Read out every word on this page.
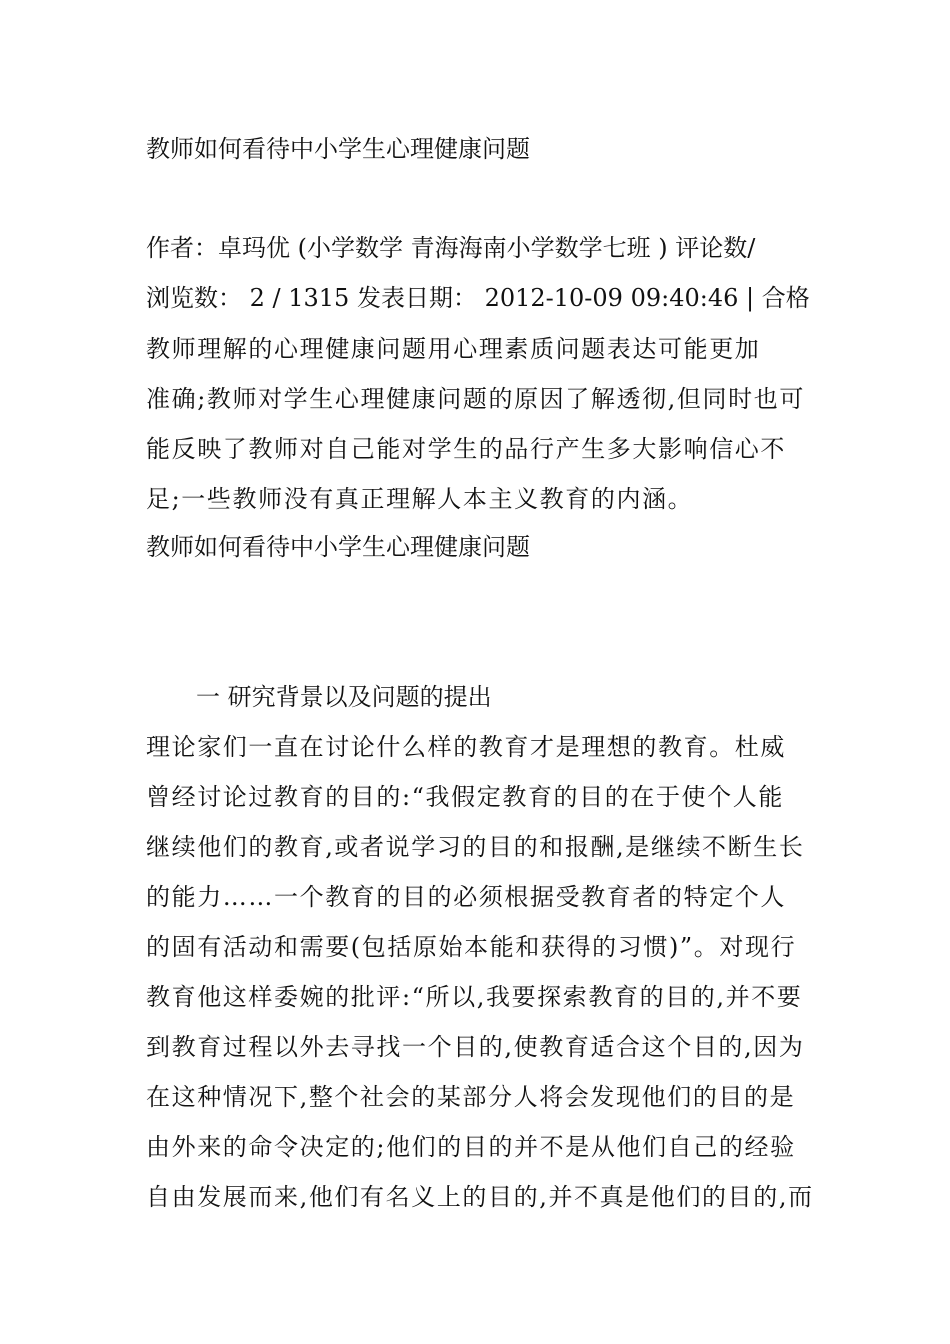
教师如何看待中小学生心理健康问题
作者：卓玛优 (小学数学 青海海南小学数学七班 ) 评论数/
浏览数： 2 / 1315 发表日期： 2012-10-09 09:40:46 | 合格
教师理解的心理健康问题用心理素质问题表达可能更加
准确;教师对学生心理健康问题的原因了解透彻,但同时也可
能反映了教师对自己能对学生的品行产生多大影响信心不
足;一些教师没有真正理解人本主义教育的内涵。
教师如何看待中小学生心理健康问题
一 研究背景以及问题的提出
理论家们一直在讨论什么样的教育才是理想的教育。杜威
曾经讨论过教育的目的:“我假定教育的目的在于使个人能
继续他们的教育,或者说学习的目的和报酬,是继续不断生长
的能力……一个教育的目的必须根据受教育者的特定个人
的固有活动和需要(包括原始本能和获得的习惯)”。对现行
教育他这样委婉的批评:“所以,我要探索教育的目的,并不要
到教育过程以外去寻找一个目的,使教育适合这个目的,因为
在这种情况下,整个社会的某部分人将会发现他们的目的是
由外来的命令决定的;他们的目的并不是从他们自己的经验
自由发展而来,他们有名义上的目的,并不真是他们的目的,而
